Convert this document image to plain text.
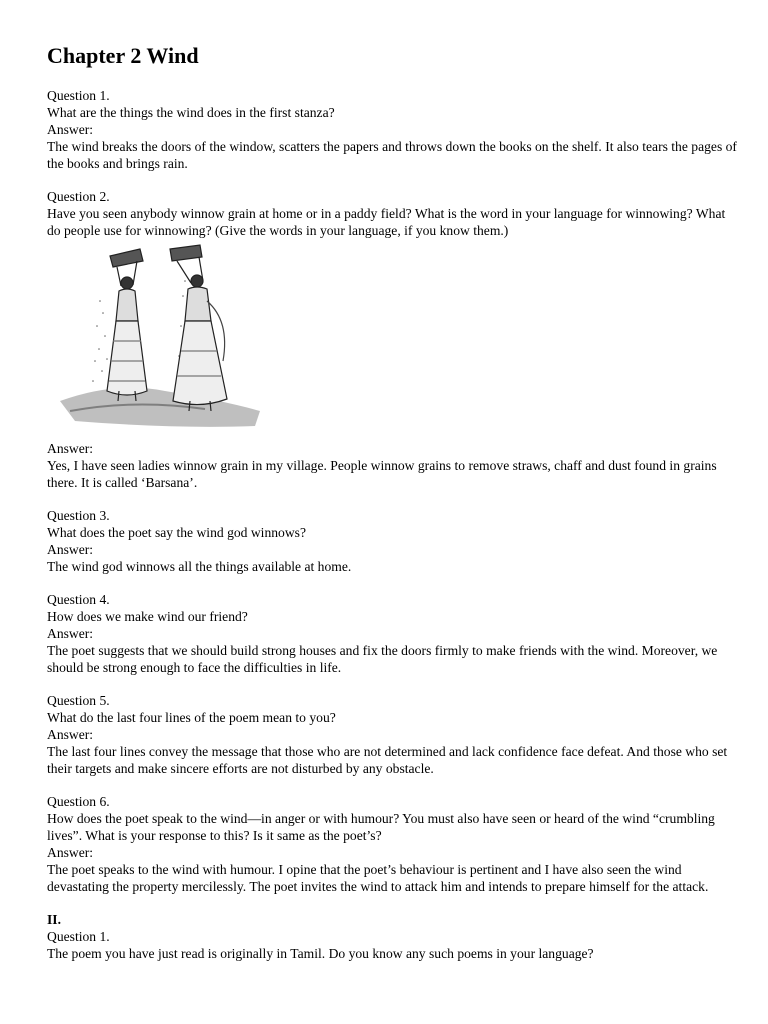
Chapter 2 Wind

Question 1.

What are the things the wind does in the first stanza?

Answer:

The wind breaks the doors of the window, scatters the papers and throws down the books on the shelf. It also tears the pages of the books and brings rain.

Question 2.

Have you seen anybody winnow grain at home or in a paddy field? What is the word in your language for winnowing? What do people use for winnowing? (Give the words in your language, if you know them.)

Answer:

Yes, I have seen ladies winnow grain in my village. People winnow grains to remove straws, chaff and dust found in grains there. It is called ‘Barsana’.

Question 3.

What does the poet say the wind god winnows?

Answer:

The wind god winnows all the things available at home.

Question 4.

How does we make wind our friend?

Answer:

The poet suggests that we should build strong houses and fix the doors firmly to make friends with the wind. Moreover, we should be strong enough to face the difficulties in life.

Question 5.

What do the last four lines of the poem mean to you?

Answer:

The last four lines convey the message that those who are not determined and lack confidence face defeat. And those who set their targets and make sincere efforts are not disturbed by any obstacle.

Question 6.

How does the poet speak to the wind—in anger or with humour? You must also have seen or heard of the wind “crumbling lives”. What is your response to this? Is it same as the poet’s?

Answer:

The poet speaks to the wind with humour. I opine that the poet’s behaviour is pertinent and I have also seen the wind devastating the property mercilessly. The poet invites the wind to attack him and intends to prepare himself for the attack.

II.

Question 1.

The poem you have just read is originally in Tamil. Do you know any such poems in your language?
